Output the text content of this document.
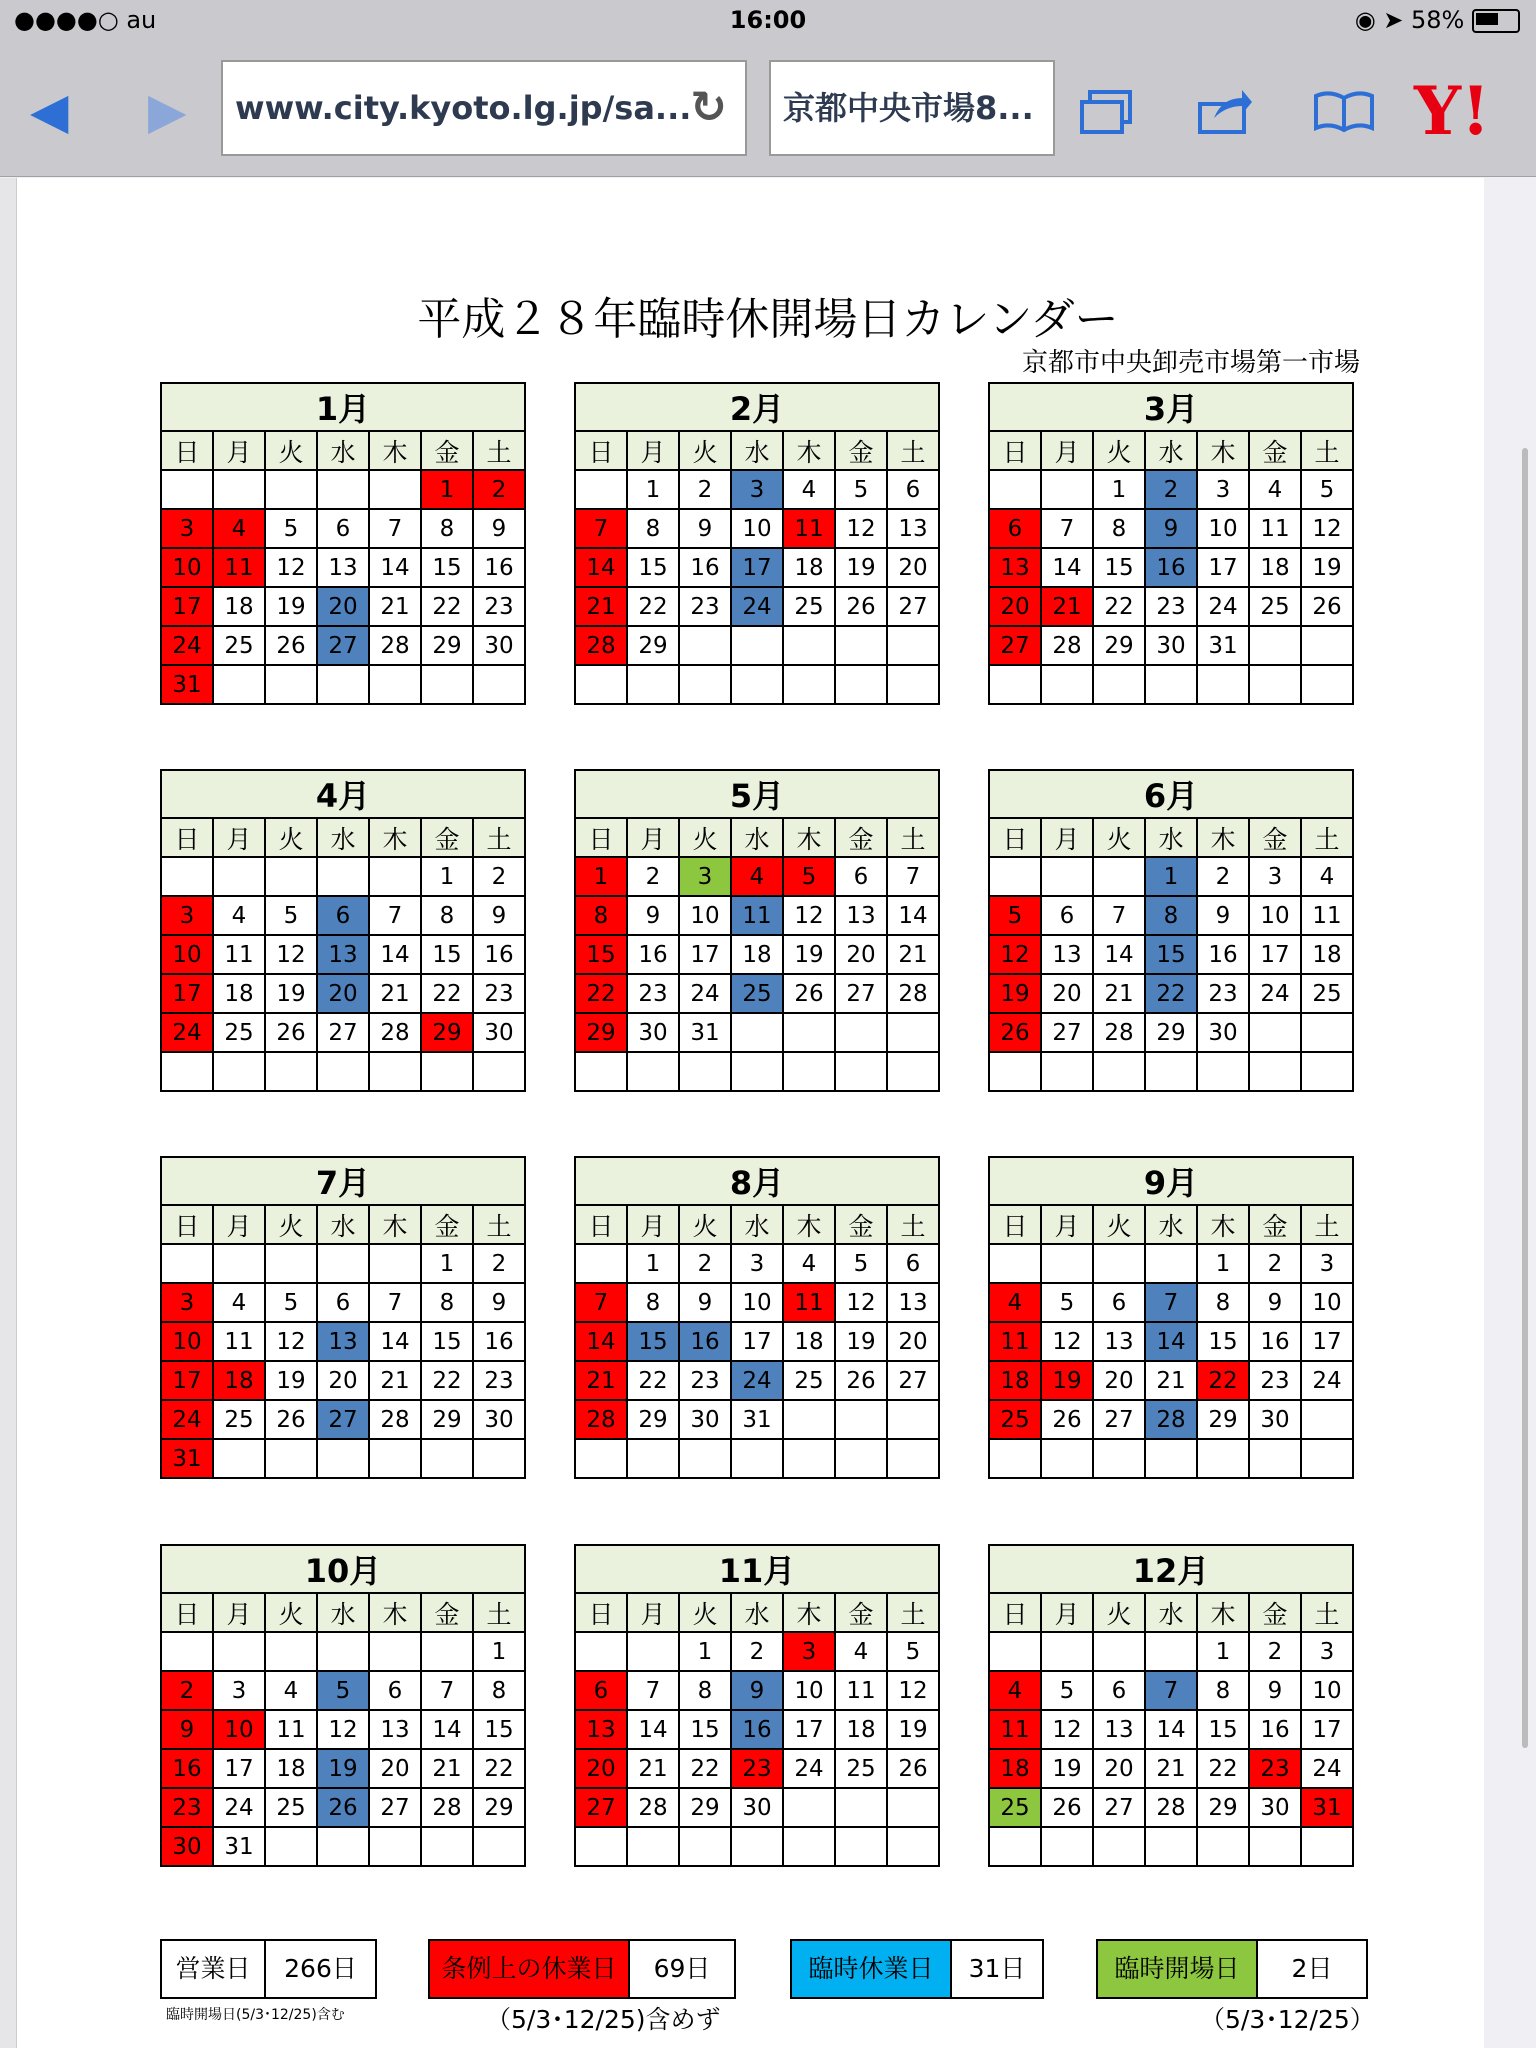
●●●●○ au	16:00	◉ ➤ 58%
◀ ▶	www.city.kyoto.lg.jp/sa...
↻	京都中央市場8...	Y!
平成２８年臨時休開場日カレンダー
京都市中央卸売市場第一市場
1月						
日	月	火	水	木	金	土
					1	2
3	4	5	6	7	8	9
10	11	12	13	14	15	16
17	18	19	20	21	22	23
24	25	26	27	28	29	30
31						
2月						
日	月	火	水	木	金	土
	1	2	3	4	5	6
7	8	9	10	11	12	13
14	15	16	17	18	19	20
21	22	23	24	25	26	27
28	29					

3月						
日	月	火	水	木	金	土
		1	2	3	4	5
6	7	8	9	10	11	12
13	14	15	16	17	18	19
20	21	22	23	24	25	26
27	28	29	30	31		

4月						
日	月	火	水	木	金	土
					1	2
3	4	5	6	7	8	9
10	11	12	13	14	15	16
17	18	19	20	21	22	23
24	25	26	27	28	29	30

5月						
日	月	火	水	木	金	土
1	2	3	4	5	6	7
8	9	10	11	12	13	14
15	16	17	18	19	20	21
22	23	24	25	26	27	28
29	30	31				

6月						
日	月	火	水	木	金	土
			1	2	3	4
5	6	7	8	9	10	11
12	13	14	15	16	17	18
19	20	21	22	23	24	25
26	27	28	29	30		

7月						
日	月	火	水	木	金	土
					1	2
3	4	5	6	7	8	9
10	11	12	13	14	15	16
17	18	19	20	21	22	23
24	25	26	27	28	29	30
31						
8月						
日	月	火	水	木	金	土
	1	2	3	4	5	6
7	8	9	10	11	12	13
14	15	16	17	18	19	20
21	22	23	24	25	26	27
28	29	30	31			

9月						
日	月	火	水	木	金	土
				1	2	3
4	5	6	7	8	9	10
11	12	13	14	15	16	17
18	19	20	21	22	23	24
25	26	27	28	29	30	

10月						
日	月	火	水	木	金	土
						1
2	3	4	5	6	7	8
9	10	11	12	13	14	15
16	17	18	19	20	21	22
23	24	25	26	27	28	29
30	31					
11月						
日	月	火	水	木	金	土
		1	2	3	4	5
6	7	8	9	10	11	12
13	14	15	16	17	18	19
20	21	22	23	24	25	26
27	28	29	30			

12月						
日	月	火	水	木	金	土
				1	2	3
4	5	6	7	8	9	10
11	12	13	14	15	16	17
18	19	20	21	22	23	24
25	26	27	28	29	30	31

営業日	266日	条例上の休業日	69日	臨時休業日	31日	臨時開場日	2日
臨時開場日(5/3･12/25)含む	（5/3･12/25)含めず	（5/3･12/25）
